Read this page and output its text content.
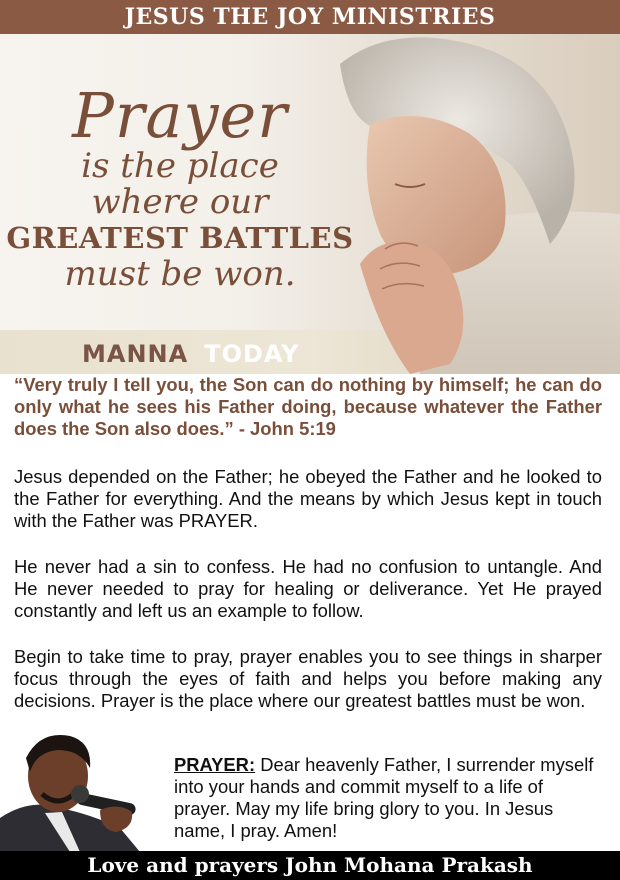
JESUS THE JOY MINISTRIES
Prayer
is the place
where our
GREATEST BATTLES
must be won.
MANNA TODAY
“Very truly I tell you, the Son can do nothing by himself; he can do only what he sees his Father doing, because whatever the Father does the Son also does.” - John 5:19
Jesus depended on the Father; he obeyed the Father and he looked to the Father for everything. And the means by which Jesus kept in touch with the Father was PRAYER.
He never had a sin to confess. He had no confusion to untangle. And He never needed to pray for healing or deliverance. Yet He prayed constantly and left us an example to follow.
Begin to take time to pray, prayer enables you to see things in sharper focus through the eyes of faith and helps you before making any decisions. Prayer is the place where our greatest battles must be won.
PRAYER: Dear heavenly Father, I surrender myself into your hands and commit myself to a life of prayer. May my life bring glory to you. In Jesus name, I pray. Amen!
Love and prayers John Mohana Prakash
